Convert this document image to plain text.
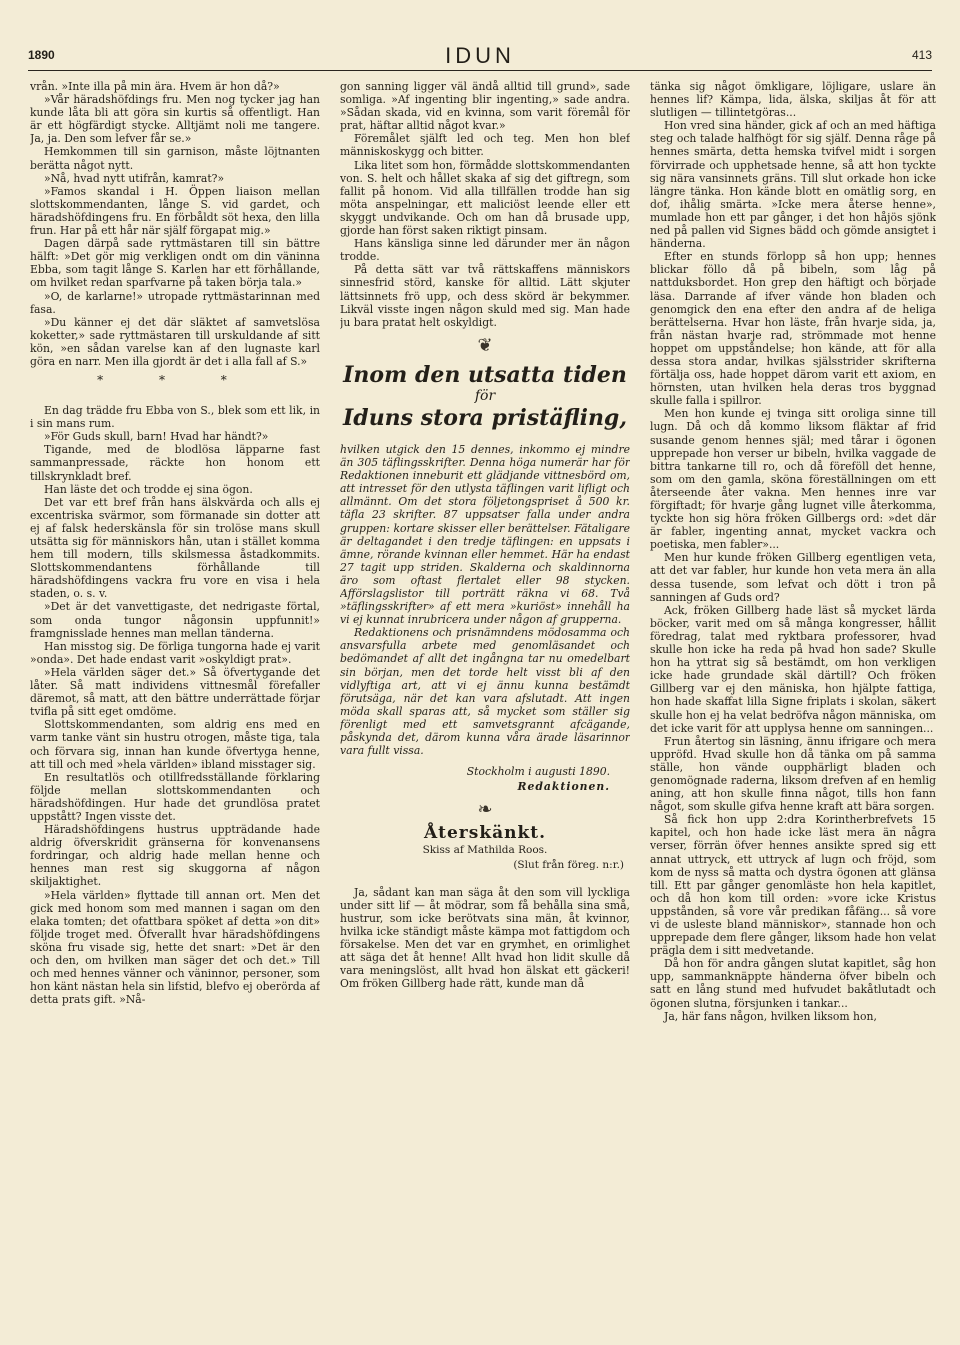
1890	IDUN	413

vrån. »Inte illa på min ära. Hvem är hon då?»

»Vår häradshöfdings fru. Men nog tycker jag han kunde låta bli att göra sin kurtis så offentligt. Han är ett högfärdigt stycke. Alltjämt noli me tangere. Ja, ja. Den som lefver får se.»

Hemkommen till sin garnison, måste löjtnanten berätta något nytt.

»Nå, hvad nytt utifrån, kamrat?»

»Famos skandal i H. Öppen liaison mellan slottskommendanten, långe S. vid gardet, och häradshöfdingens fru. En förbåldt söt hexa, den lilla frun. Har på ett hår när själf förgapat mig.»

Dagen därpå sade ryttmästaren till sin bättre hälft: »Det gör mig verkligen ondt om din väninna Ebba, som tagit långe S. Karlen har ett förhållande, om hvilket redan sparfvarne på taken börja tala.»

»O, de karlarne!» utropade ryttmästarinnan med fasa.

»Du känner ej det där släktet af samvetslösa koketter,» sade ryttmästaren till urskuldande af sitt kön, »en sådan varelse kan af den lugnaste karl göra en narr. Men illa gjordt är det i alla fall af S.»

* * *

En dag trädde fru Ebba von S., blek som ett lik, in i sin mans rum.

»För Guds skull, barn! Hvad har händt?»

Tigande, med de blodlösa läpparne fast sammanpressade, räckte hon honom ett tillskrynkladt bref.

Han läste det och trodde ej sina ögon.

Det var ett bref från hans älskvärda och alls ej excentriska svärmor, som förmanade sin dotter att ej af falsk hederskänsla för sin trolöse mans skull utsätta sig för människors hån, utan i stället komma hem till modern, tills skilsmessa åstadkommits. Slottskommendantens förhållande till häradshöfdingens vackra fru vore en visa i hela staden, o. s. v.

»Det är det vanvettigaste, det nedrigaste förtal, som onda tungor någonsin uppfunnit!» framgnisslade hennes man mellan tänderna.

Han misstog sig. De förliga tungorna hade ej varit »onda». Det hade endast varit »oskyldigt prat».

»Hela världen säger det.» Så öfvertygande det låter. Så matt individens vittnesmål förefaller däremot, så matt, att den bättre underrättade förjar tvifla på sitt eget omdöme.

Slottskommendanten, som aldrig ens med en varm tanke vänt sin hustru otrogen, måste tiga, tala och förvara sig, innan han kunde öfvertyga henne, att till och med »hela världen» ibland misstager sig.

En resultatlös och otillfredsställande förklaring följde mellan slottskommendanten och häradshöfdingen. Hur hade det grundlösa pratet uppstått? Ingen visste det.

Häradshöfdingens hustrus uppträdande hade aldrig öfverskridit gränserna för konvenansens fordringar, och aldrig hade mellan henne och hennes man rest sig skuggorna af någon skiljaktighet.

»Hela världen» flyttade till annan ort. Men det gick med honom som med mannen i sagan om den elaka tomten; det ofattbara spöket af detta »on dit» följde troget med. Öfverallt hvar häradshöfdingens sköna fru visade sig, hette det snart: »Det är den och den, om hvilken man säger det och det.» Till och med hennes vänner och väninnor, personer, som hon känt nästan hela sin lifstid, blefvo ej oberörda af detta prats gift. »Nå-

gon sanning ligger väl ändå alltid till grund», sade somliga. »Af ingenting blir ingenting,» sade andra. »Sådan skada, vid en kvinna, som varit föremål för prat, häftar alltid något kvar.»

Föremålet själft led och teg. Men hon blef människoskygg och bitter.

Lika litet som hon, förmådde slottskommendanten von. S. helt och hållet skaka af sig det giftregn, som fallit på honom. Vid alla tillfällen trodde han sig möta anspelningar, ett maliciöst leende eller ett skyggt undvikande. Och om han då brusade upp, gjorde han först saken riktigt pinsam.

Hans känsliga sinne led därunder mer än någon trodde.

På detta sätt var två rättskaffens människors sinnesfrid störd, kanske för alltid. Lätt skjuter lättsinnets frö upp, och dess skörd är bekymmer. Likväl visste ingen någon skuld med sig. Man hade ju bara pratat helt oskyldigt.

❦
Inom den utsatta tiden
för
Iduns stora pristäfling,

hvilken utgick den 15 dennes, inkommo ej mindre än 305 täflingsskrifter. Denna höga numerär har för Redaktionen inneburit ett glädjande vittnesbörd om, att intresset för den utlysta täflingen varit lifligt och allmännt. Om det stora följetongspriset å 500 kr. täfla 23 skrifter. 87 uppsatser falla under andra gruppen: kortare skisser eller berättelser. Fätaligare är deltagandet i den tredje täflingen: en uppsats i ämne, rörande kvinnan eller hemmet. Här ha endast 27 tagit upp striden. Skalderna och skaldinnorna äro som oftast flertalet eller 98 stycken. Afförslagslistor till porträtt räkna vi 68. Två »täflingsskrifter» af ett mera »kuriöst» innehåll ha vi ej kunnat inrubricera under någon af grupperna.

Redaktionens och prisnämndens mödosamma och ansvarsfulla arbete med genomläsandet och bedömandet af allt det ingångna tar nu omedelbart sin början, men det torde helt visst bli af den vidlyftiga art, att vi ej ännu kunna bestämdt förutsäga, när det kan vara afslutadt. Att ingen möda skall sparas att, så mycket som ställer sig förenligt med ett samvetsgrannt afcägande, påskynda det, därom kunna våra ärade läsarinnor vara fullt vissa.

Stockholm i augusti 1890.
Redaktionen.
❧
Återskänkt.
Skiss af Mathilda Roos.
(Slut från föreg. n:r.)

Ja, sådant kan man säga åt den som vill lyckliga under sitt lif — åt mödrar, som få behålla sina små, hustrur, som icke berötvats sina män, åt kvinnor, hvilka icke ständigt måste kämpa mot fattigdom och försakelse. Men det var en grymhet, en orimlighet att säga det åt henne! Allt hvad hon lidit skulle då vara meningslöst, allt hvad hon älskat ett gäckeri! Om fröken Gillberg hade rätt, kunde man då

tänka sig något ömkligare, löjligare, uslare än hennes lif? Kämpa, lida, älska, skiljas åt för att slutligen — tillintetgöras...

Hon vred sina händer, gick af och an med häftiga steg och talade halfhögt för sig själf. Denna råge på hennes smärta, detta hemska tvifvel midt i sorgen förvirrade och upphetsade henne, så att hon tyckte sig nära vansinnets gräns. Till slut orkade hon icke längre tänka. Hon kände blott en omätlig sorg, en dof, ihålig smärta. »Icke mera återse henne», mumlade hon ett par gånger, i det hon håjös sjönk ned på pallen vid Signes bädd och gömde ansigtet i händerna.

Efter en stunds förlopp så hon upp; hennes blickar föllo då på bibeln, som låg på nattduksbordet. Hon grep den häftigt och började läsa. Darrande af ifver vände hon bladen och genomgick den ena efter den andra af de heliga berättelserna. Hvar hon läste, från hvarje sida, ja, från nästan hvarje rad, strömmade mot henne hoppet om uppståndelse; hon kände, att för alla dessa stora andar, hvilkas själsstrider skrifterna förtälja oss, hade hoppet därom varit ett axiom, en hörnsten, utan hvilken hela deras tros byggnad skulle falla i spillror.

Men hon kunde ej tvinga sitt oroliga sinne till lugn. Då och då kommo liksom fläktar af frid susande genom hennes själ; med tårar i ögonen upprepade hon verser ur bibeln, hvilka vaggade de bittra tankarne till ro, och då föreföll det henne, som om den gamla, sköna föreställningen om ett återseende åter vakna. Men hennes inre var förgiftadt; för hvarje gång lugnet ville återkomma, tyckte hon sig höra fröken Gillbergs ord: »det där är fabler, ingenting annat, mycket vackra och poetiska, men fabler»...

Men hur kunde fröken Gillberg egentligen veta, att det var fabler, hur kunde hon veta mera än alla dessa tusende, som lefvat och dött i tron på sanningen af Guds ord?

Ack, fröken Gillberg hade läst så mycket lärda böcker, varit med om så många kongresser, hållit föredrag, talat med ryktbara professorer, hvad skulle hon icke ha reda på hvad hon sade? Skulle hon ha yttrat sig så bestämdt, om hon verkligen icke hade grundade skäl därtill? Och fröken Gillberg var ej den mäniska, hon hjälpte fattiga, hon hade skaffat lilla Signe friplats i skolan, säkert skulle hon ej ha velat bedröfva någon människa, om det icke varit för att upplysa henne om sanningen...

Frun återtog sin läsning, ännu ifrigare och mera uppröfd. Hvad skulle hon då tänka om på samma ställe, hon vände oupphärligt bladen och genomögnade raderna, liksom drefven af en hemlig aning, att hon skulle finna något, tills hon fann något, som skulle gifva henne kraft att bära sorgen.

Så fick hon upp 2:dra Korintherbrefvets 15 kapitel, och hon hade icke läst mera än några verser, förrän öfver hennes ansikte spred sig ett annat uttryck, ett uttryck af lugn och fröjd, som kom de nyss så matta och dystra ögonen att glänsa till. Ett par gånger genomläste hon hela kapitlet, och då hon kom till orden: »vore icke Kristus uppstånden, så vore vår predikan fåfäng... så vore vi de usleste bland människor», stannade hon och upprepade dem flere gånger, liksom hade hon velat prägla dem i sitt medvetande.

Då hon för andra gången slutat kapitlet, såg hon upp, sammanknäppte händerna öfver bibeln och satt en lång stund med hufvudet bakåtlutadt och ögonen slutna, försjunken i tankar...

Ja, här fans någon, hvilken liksom hon,
